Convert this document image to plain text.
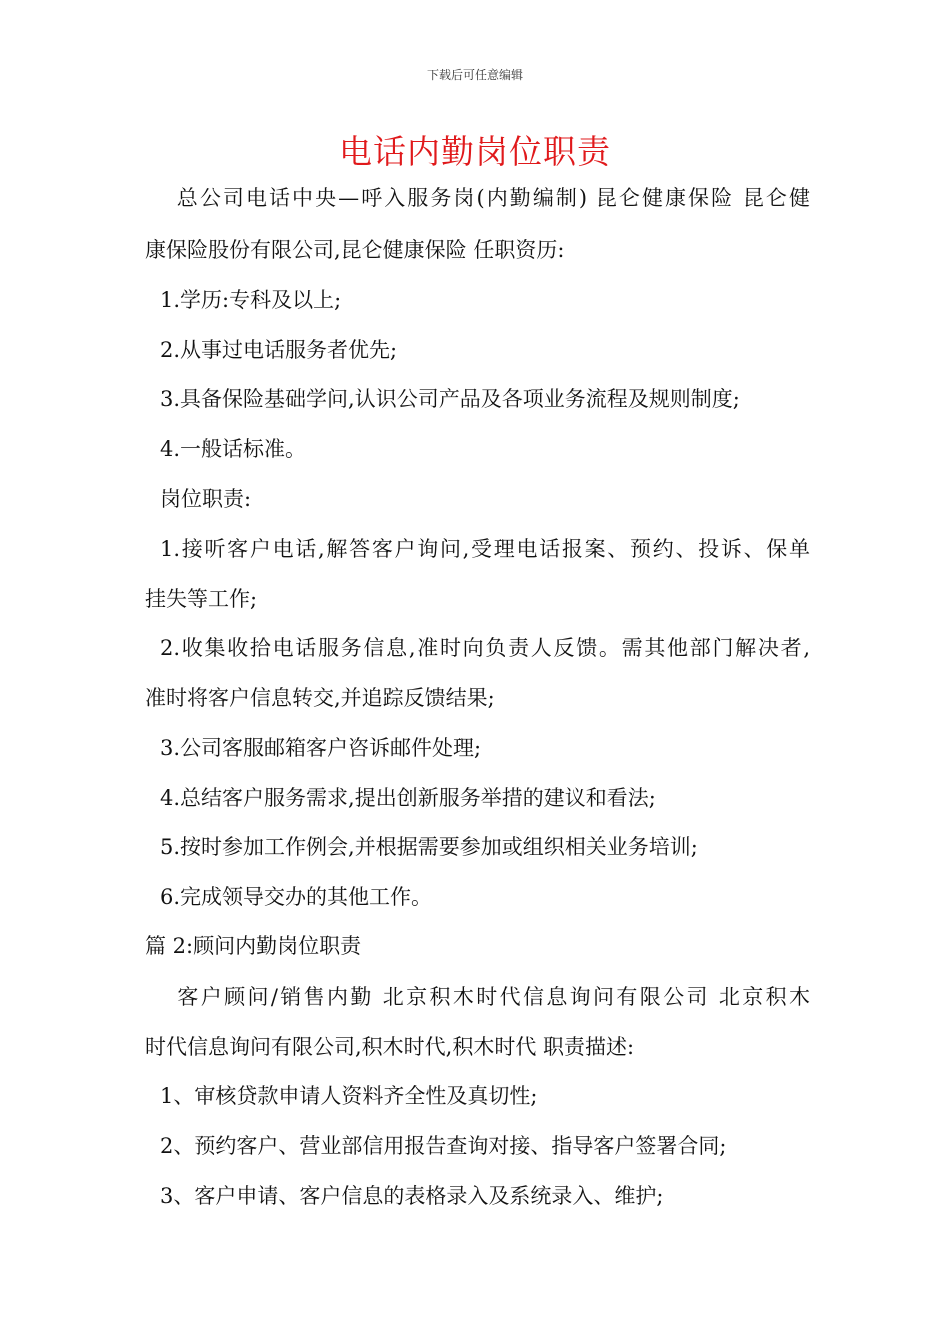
下载后可任意编辑
电话内勤岗位职责
　 总公司电话中央—呼入服务岗(内勤编制) 昆仑健康保险 昆仑健
康保险股份有限公司,昆仑健康保险 任职资历:
1.学历:专科及以上;
2.从事过电话服务者优先;
3.具备保险基础学问,认识公司产品及各项业务流程及规则制度;
4.一般话标准。
岗位职责:
1.接听客户电话,解答客户询问,受理电话报案、预约、投诉、保单
挂失等工作;
2.收集收拾电话服务信息,准时向负责人反馈。需其他部门解决者,
准时将客户信息转交,并追踪反馈结果;
3.公司客服邮箱客户咨诉邮件处理;
4.总结客户服务需求,提出创新服务举措的建议和看法;
5.按时参加工作例会,并根据需要参加或组织相关业务培训;
6.完成领导交办的其他工作。
篇 2:顾问内勤岗位职责
　 客户顾问/销售内勤 北京积木时代信息询问有限公司 北京积木
时代信息询问有限公司,积木时代,积木时代 职责描述:
1、审核贷款申请人资料齐全性及真切性;
2、预约客户、营业部信用报告查询对接、指导客户签署合同;
3、客户申请、客户信息的表格录入及系统录入、维护;
